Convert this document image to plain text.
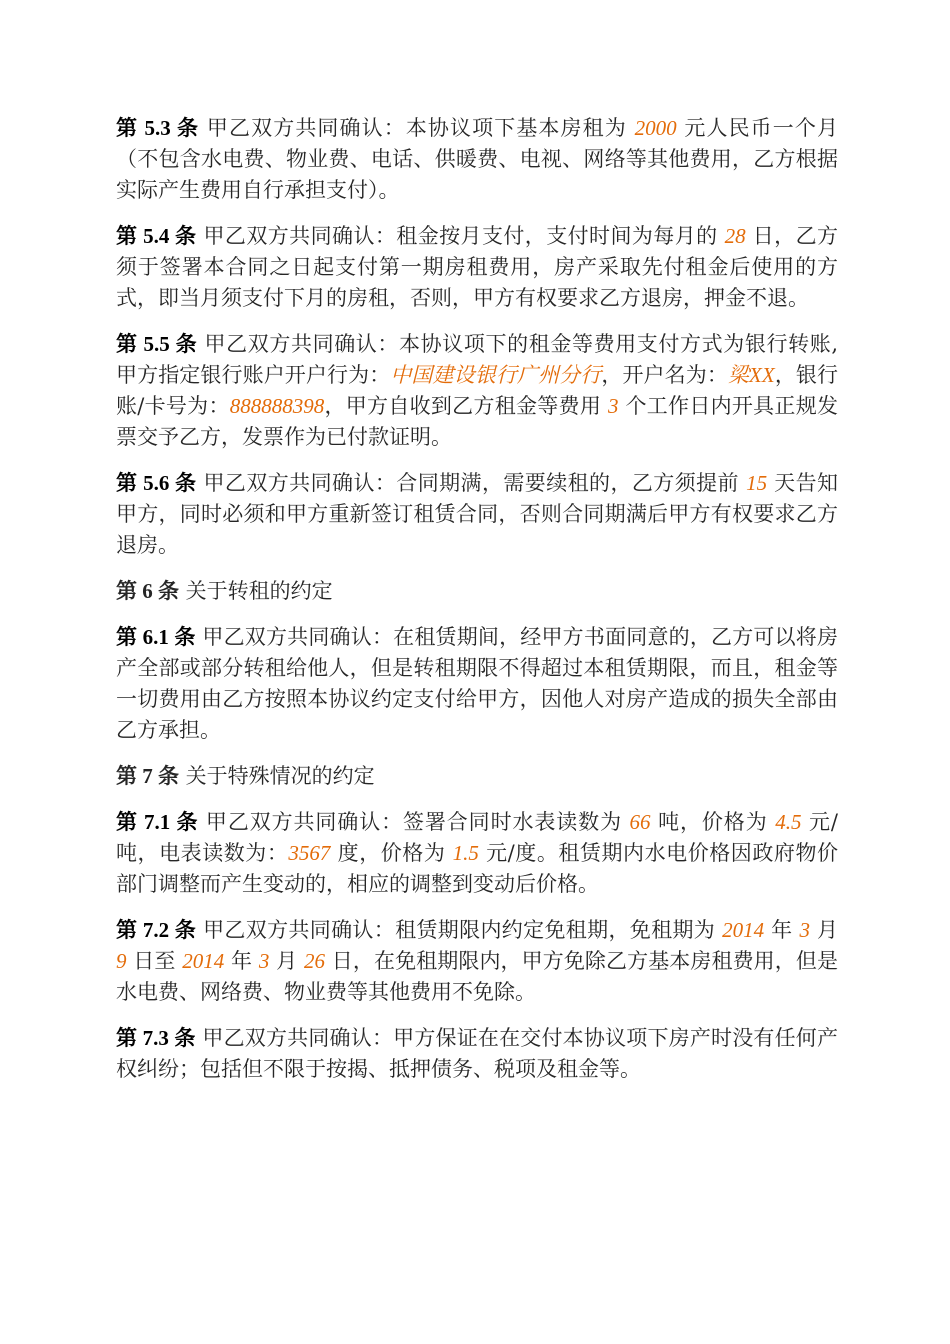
第 5.3 条 甲乙双方共同确认：本协议项下基本房租为 2000 元人民币一个月（不包含水电费、物业费、电话、供暖费、电视、网络等其他费用，乙方根据实际产生费用自行承担支付）。

第 5.4 条 甲乙双方共同确认：租金按月支付，支付时间为每月的 28 日，乙方须于签署本合同之日起支付第一期房租费用，房产采取先付租金后使用的方式，即当月须支付下月的房租，否则，甲方有权要求乙方退房，押金不退。

第 5.5 条 甲乙双方共同确认：本协议项下的租金等费用支付方式为银行转账,甲方指定银行账户开户行为：中国建设银行广州分行，开户名为：梁XX，银行账/卡号为：888888398，甲方自收到乙方租金等费用 3 个工作日内开具正规发票交予乙方，发票作为已付款证明。

第 5.6 条 甲乙双方共同确认：合同期满，需要续租的，乙方须提前 15 天告知甲方，同时必须和甲方重新签订租赁合同，否则合同期满后甲方有权要求乙方退房。

第 6 条 关于转租的约定

第 6.1 条 甲乙双方共同确认：在租赁期间，经甲方书面同意的，乙方可以将房产全部或部分转租给他人，但是转租期限不得超过本租赁期限，而且，租金等一切费用由乙方按照本协议约定支付给甲方，因他人对房产造成的损失全部由乙方承担。

第 7 条 关于特殊情况的约定

第 7.1 条 甲乙双方共同确认：签署合同时水表读数为 66 吨，价格为 4.5 元/吨，电表读数为：3567 度，价格为 1.5 元/度。租赁期内水电价格因政府物价部门调整而产生变动的，相应的调整到变动后价格。

第 7.2 条 甲乙双方共同确认：租赁期限内约定免租期，免租期为 2014 年 3 月 9 日至 2014 年 3 月 26 日，在免租期限内，甲方免除乙方基本房租费用，但是水电费、网络费、物业费等其他费用不免除。

第 7.3 条 甲乙双方共同确认：甲方保证在在交付本协议项下房产时没有任何产权纠纷；包括但不限于按揭、抵押债务、税项及租金等。
